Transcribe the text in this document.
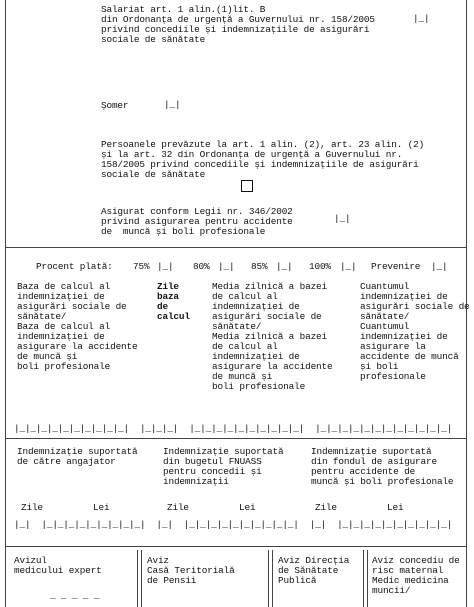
Salariat art. 1 alin.(1)lit. B
din Ordonanța de urgență a Guvernului nr. 158/2005
privind concediile și indemnizațiile de asigurări
sociale de sănătate

|_|

Șomer	|_|

Persoanele prevăzute la art. 1 alin. (2), art. 23 alin. (2)
și la art. 32 din Ordonanța de urgență a Guvernului nr.
158/2005 privind concediile și indemnizațiile de asigurări
sociale de sănătate

Asigurat conform Legii nr. 346/2002
privind asigurarea pentru accidente
de  muncă și boli profesionale

|_|

Procent plată: 75% |_| 80% |_| 85% |_| 100% |_| Prevenire |_|

Baza de calcul al
indemnizației de
asigurări sociale de
sănătate/
Baza de calcul al
indemnizației de
asigurare la accidente
de muncă și
boli profesionale

Zile
baza
de
calcul

Media zilnică a bazei
de calcul al
indemnizației de
asigurări sociale de
sănătate/
Media zilnică a bazei
de calcul al
indemnizației de
asigurare la accidente
de muncă și
boli profesionale

Cuantumul
indemnizației de
asigurări sociale de
sănătate/
Cuantumul
indemnizației de
asigurare la
accidente de muncă
și boli
profesionale

|_|_|_|_|_|_|_|_|_|_|  |_|_|_|  |_|_|_|_|_|_|_|_|_|_|  |_|_|_|_|_|_|_|_|_|_|_|_|

Indemnizație suportată
de către angajator

Indemnizație suportată
din bugetul FNUASS
pentru concedii și
indemnizații

Indemnizație suportată
din fondul de asigurare
pentru accidente de
muncă și boli profesionale

Zile	Lei	Zile	Lei	Zile	Lei

|_|  |_|_|_|_|_|_|_|_|_|  |_|  |_|_|_|_|_|_|_|_|_|_|  |_|  |_|_|_|_|_|_|_|_|_|_|

Avizul
medicului expert

_ _ _ _ _

Aviz
Casă Teritorială
de Pensii

Aviz Direcția
de Sănătate
Publică

Aviz concediu de
risc maternal
Medic medicina
muncii/
